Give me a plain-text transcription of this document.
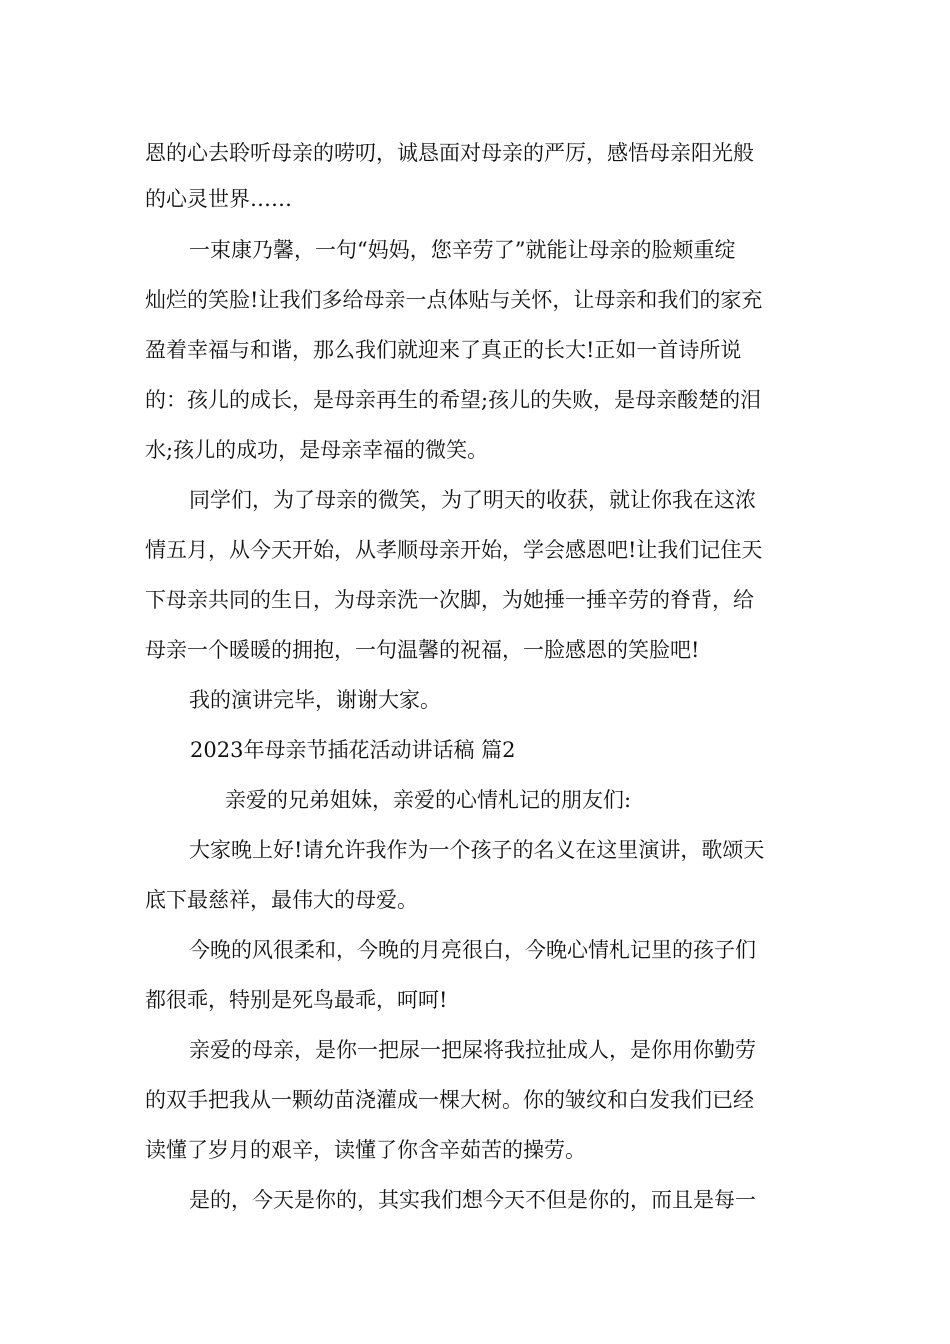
恩的心去聆听母亲的唠叨，诚恳面对母亲的严厉，感悟母亲阳光般

的心灵世界……

一束康乃馨，一句“妈妈，您辛劳了”就能让母亲的脸颊重绽

灿烂的笑脸!让我们多给母亲一点体贴与关怀，让母亲和我们的家充

盈着幸福与和谐，那么我们就迎来了真正的长大!正如一首诗所说

的：孩儿的成长，是母亲再生的希望;孩儿的失败，是母亲酸楚的泪

水;孩儿的成功，是母亲幸福的微笑。

同学们，为了母亲的微笑，为了明天的收获，就让你我在这浓

情五月，从今天开始，从孝顺母亲开始，学会感恩吧!让我们记住天

下母亲共同的生日，为母亲洗一次脚，为她捶一捶辛劳的脊背，给

母亲一个暖暖的拥抱，一句温馨的祝福，一脸感恩的笑脸吧!

我的演讲完毕，谢谢大家。

2023年母亲节插花活动讲话稿 篇2

亲爱的兄弟姐妹，亲爱的心情札记的朋友们:

大家晚上好!请允许我作为一个孩子的名义在这里演讲，歌颂天

底下最慈祥，最伟大的母爱。

今晚的风很柔和，今晚的月亮很白，今晚心情札记里的孩子们

都很乖，特别是死鸟最乖，呵呵!

亲爱的母亲，是你一把尿一把屎将我拉扯成人，是你用你勤劳

的双手把我从一颗幼苗浇灌成一棵大树。你的皱纹和白发我们已经

读懂了岁月的艰辛，读懂了你含辛茹苦的操劳。

是的，今天是你的，其实我们想今天不但是你的，而且是每一
